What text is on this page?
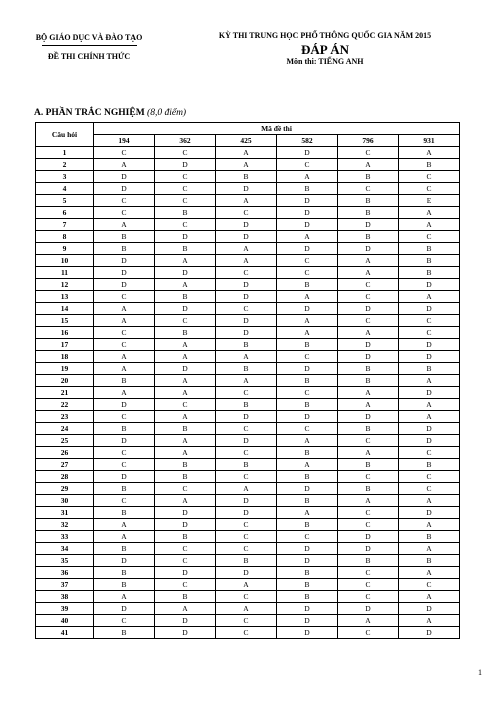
BỘ GIÁO DỤC VÀ ĐÀO TẠO
ĐỀ THI CHÍNH THỨC
KỲ THI TRUNG HỌC PHỔ THÔNG QUỐC GIA NĂM 2015
ĐÁP ÁN
Môn thi: TIẾNG ANH
A. PHẦN TRẮC NGHIỆM (8,0 điểm)
Câu hỏi	Mã đề thi					
	194	362	425	582	796	931
1	C	C	A	D	C	A
2	A	D	A	C	A	B
3	D	C	B	A	B	C
4	D	C	D	B	C	C
5	C	C	A	D	B	E
6	C	B	C	D	B	A
7	A	C	D	D	D	A
8	B	D	D	A	B	C
9	B	B	A	D	D	B
10	D	A	A	C	A	B
11	D	D	C	C	A	B
12	D	A	D	B	C	D
13	C	B	D	A	C	A
14	A	D	C	D	D	D
15	A	C	D	A	C	C
16	C	B	D	A	A	C
17	C	A	B	B	D	D
18	A	A	A	C	D	D
19	A	D	B	D	B	B
20	B	A	A	B	B	A
21	A	A	C	C	A	D
22	D	C	B	B	A	A
23	C	A	D	D	D	A
24	B	B	C	C	B	D
25	D	A	D	A	C	D
26	C	A	C	B	A	C
27	C	B	B	A	B	B
28	D	B	C	B	C	C
29	B	C	A	D	B	C
30	C	A	D	B	A	A
31	B	D	D	A	C	D
32	A	D	C	B	C	A
33	A	B	C	C	D	B
34	B	C	C	D	D	A
35	D	C	B	D	B	B
36	B	D	D	B	C	A
37	B	C	A	B	C	C
38	A	B	C	B	C	A
39	D	A	A	D	D	D
40	C	D	C	D	A	A
41	B	D	C	D	C	D
1
